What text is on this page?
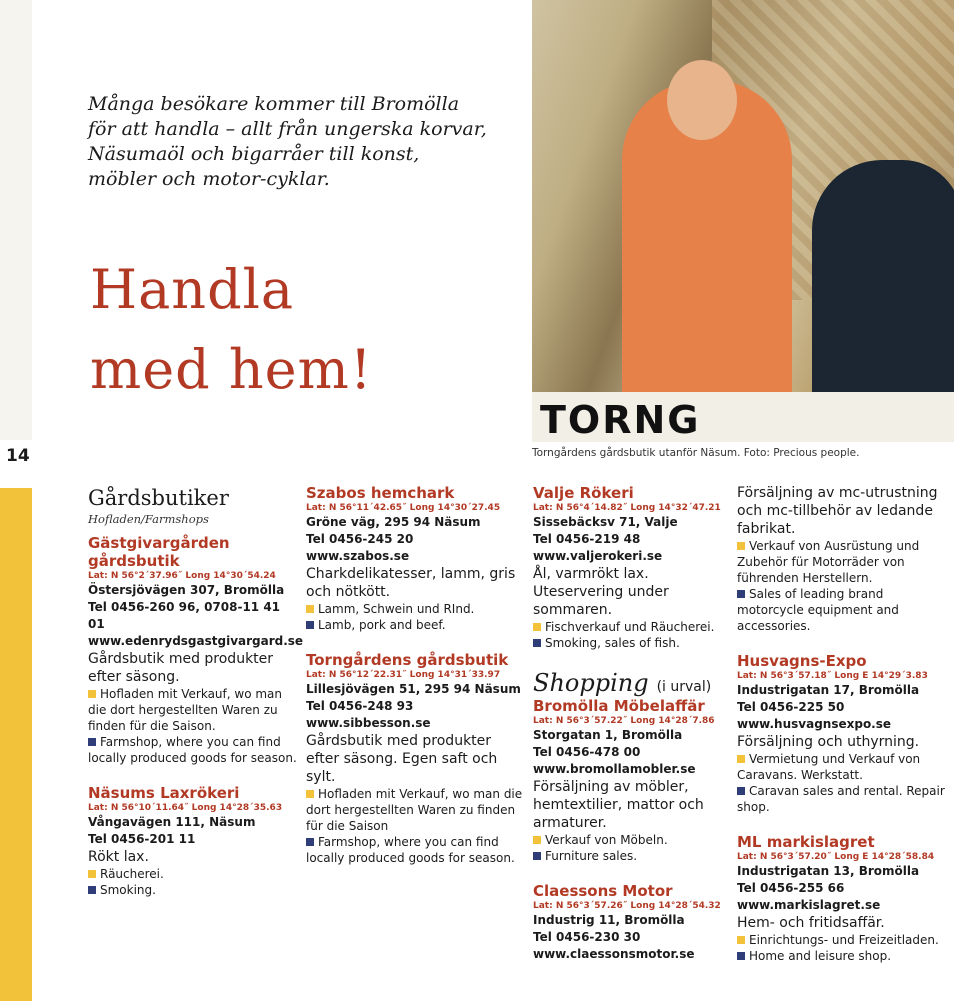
14
Många besökare kommer till Bromölla för att handla – allt från ungerska korvar, Näsumaöl och bigarråer till konst, möbler och motor-cyklar.
Handla
med hem!
TORNG
Torngårdens gårdsbutik utanför Näsum. Foto: Precious people.
Gårdsbutiker
Hofladen/Farmshops
Gästgivargården gårdsbutik
Lat: N 56°2´37.96˝ Long 14°30´54.24
Östersjövägen 307, Bromölla
Tel 0456-260 96, 0708-11 41 01
www.edenrydsgastgivargard.se
Gårdsbutik med produkter efter säsong.
Hofladen mit Verkauf, wo man die dort hergestellten Waren zu finden für die Saison.
Farmshop, where you can find locally produced goods for season.
Näsums Laxrökeri
Lat: N 56°10´11.64˝ Long 14°28´35.63
Vångavägen 111, Näsum
Tel 0456-201 11
Rökt lax.
Räucherei.
Smoking.
Szabos hemchark
Lat: N 56°11´42.65˝ Long 14°30´27.45
Gröne väg, 295 94 Näsum
Tel 0456-245 20
www.szabos.se
Charkdelikatesser, lamm, gris och nötkött.
Lamm, Schwein und RInd.
Lamb, pork and beef.
Torngårdens gårdsbutik
Lat: N 56°12´22.31˝ Long 14°31´33.97
Lillesjövägen 51, 295 94 Näsum
Tel 0456-248 93
www.sibbesson.se
Gårdsbutik med produkter efter säsong. Egen saft och sylt.
Hofladen mit Verkauf, wo man die dort hergestellten Waren zu finden für die Saison
Farmshop, where you can find locally produced goods for season.
Valje Rökeri
Lat: N 56°4´14.82˝ Long 14°32´47.21
Sissebäcksv 71, Valje
Tel 0456-219 48
www.valjerokeri.se
Ål, varmrökt lax. Uteservering under sommaren.
Fischverkauf und Räucherei.
Smoking, sales of fish.
Shopping (i urval)
Bromölla Möbelaffär
Lat: N 56°3´57.22˝ Long 14°28´7.86
Storgatan 1, Bromölla
Tel 0456-478 00
www.bromollamobler.se
Försäljning av möbler, hemtextilier, mattor och armaturer.
Verkauf von Möbeln.
Furniture sales.
Claessons Motor
Lat: N 56°3´57.26˝ Long 14°28´54.32
Industrig 11, Bromölla
Tel 0456-230 30
www.claessonsmotor.se
Försäljning av mc-utrustning och mc-tillbehör av ledande fabrikat.
Verkauf von Ausrüstung und Zubehör für Motorräder von führenden Herstellern.
Sales of leading brand motorcycle equipment and accessories.
Husvagns-Expo
Lat: N 56°3´57.18˝ Long E 14°29´3.83
Industrigatan 17, Bromölla
Tel 0456-225 50
www.husvagnsexpo.se
Försäljning och uthyrning.
Vermietung und Verkauf von Caravans. Werkstatt.
Caravan sales and rental. Repair shop.
ML markislagret
Lat: N 56°3´57.20˝ Long E 14°28´58.84
Industrigatan 13, Bromölla
Tel 0456-255 66
www.markislagret.se
Hem- och fritidsaffär.
Einrichtungs- und Freizeitladen.
Home and leisure shop.
